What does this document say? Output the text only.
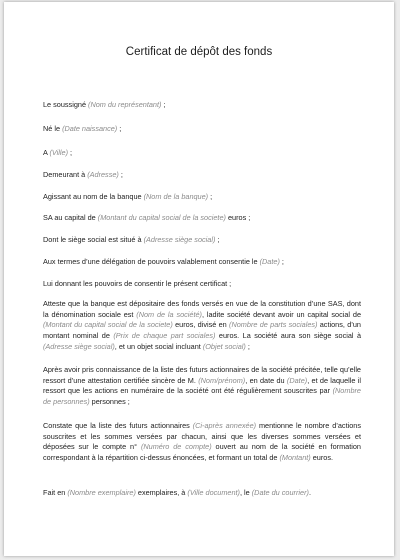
Certificat de dépôt des fonds
Le soussigné (Nom du représentant) ;
Né le (Date naissance) ;
A (Ville) ;
Demeurant à (Adresse) ;
Agissant au nom de la banque (Nom de la banque) ;
SA au capital de (Montant du capital social de la societe) euros ;
Dont le siège social est situé à (Adresse siège social) ;
Aux termes d’une délégation de pouvoirs valablement consentie le (Date) ;
Lui donnant les pouvoirs de consentir le présent certificat ;
Atteste que la banque est dépositaire des fonds versés en vue de la constitution d’une SAS, dont la dénomination sociale est (Nom de la société), ladite société devant avoir un capital social de (Montant du capital social de la societe) euros, divisé en (Nombre de parts sociales) actions, d’un montant nominal de (Prix de chaque part sociales) euros. La société aura son siège social à (Adresse siège social), et un objet social incluant (Objet social) ;
Après avoir pris connaissance de la liste des futurs actionnaires de la société précitée, telle qu’elle ressort d’une attestation certifiée sincère de M. (Nom/prénom), en date du (Date), et de laquelle il ressort que les actions en numéraire de la société ont été régulièrement souscrites par (Nombre de personnes) personnes ;
Constate que la liste des futurs actionnaires (Ci-après annexée) mentionne le nombre d’actions souscrites et les sommes versées par chacun, ainsi que les diverses sommes versées et déposées sur le compte n° (Numéro de compte) ouvert au nom de la société en formation correspondant à la répartition ci-dessus énoncées, et formant un total de (Montant) euros.
Fait en (Nombre exemplaire) exemplaires, à (Ville document), le (Date du courrier).
